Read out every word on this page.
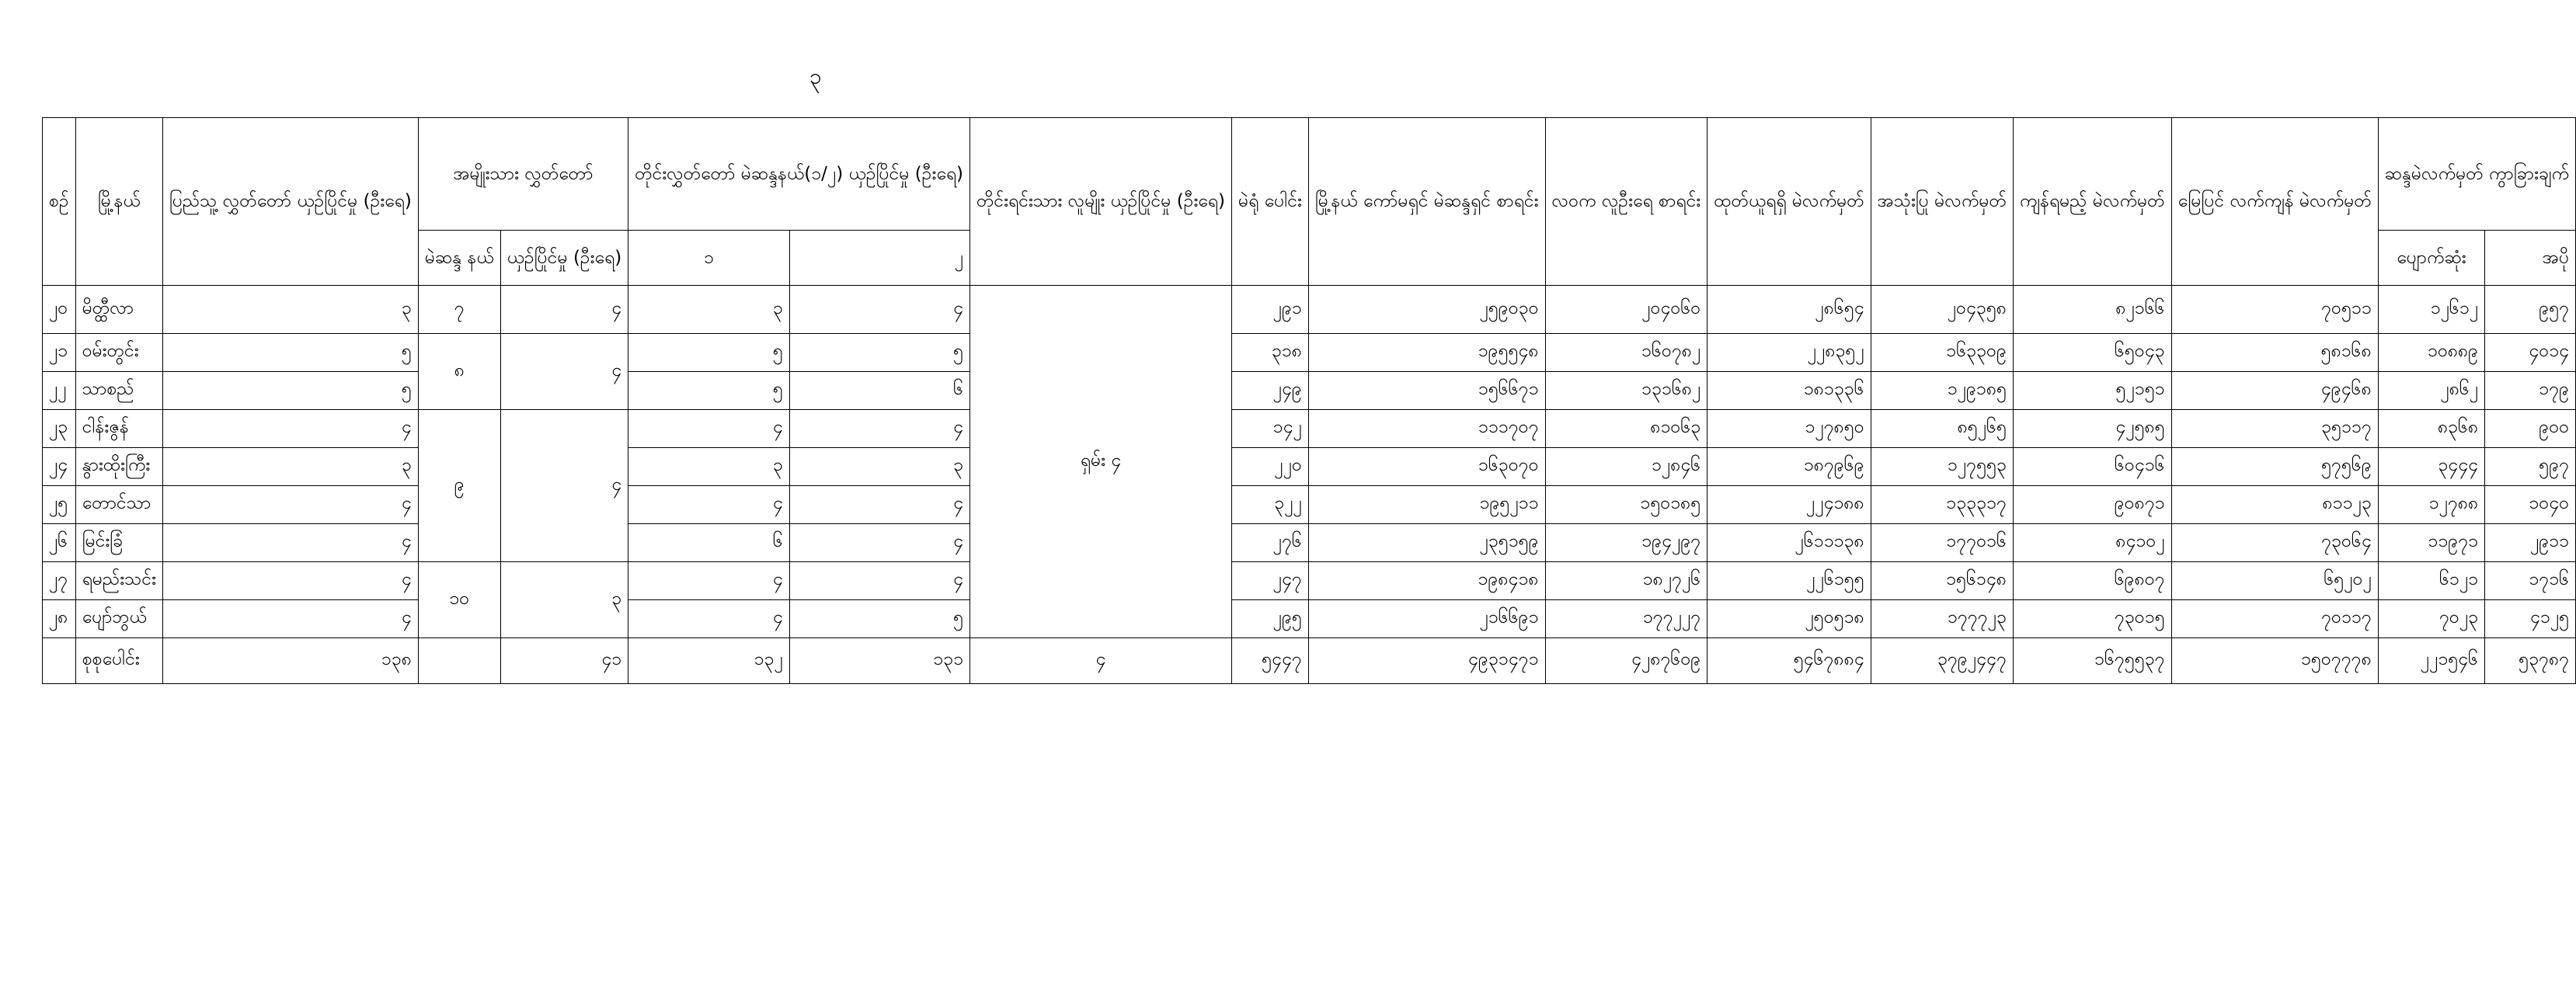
၃
စဉ်	မြို့နယ်	ပြည်သူ့ လွှတ်တော် ယှဉ်ပြိုင်မှု (ဦးရေ)	အမျိုးသား လွှတ်တော်		တိုင်းလွှတ်တော် မဲဆန္ဒနယ်(၁/၂) ယှဉ်ပြိုင်မှု (ဦးရေ)		တိုင်းရင်းသား လူမျိုး ယှဉ်ပြိုင်မှု (ဦးရေ)	မဲရုံ ပေါင်း	မြို့နယ် ကော်မရှင် မဲဆန္ဒရှင် စာရင်း	လ၀က လူဦးရေ စာရင်း	ထုတ်ယူရရှိ မဲလက်မှတ်	အသုံးပြု မဲလက်မှတ်	ကျန်ရမည့် မဲလက်မှတ်	မြေပြင် လက်ကျန် မဲလက်မှတ်	ဆန္ဒမဲလက်မှတ် ကွာခြားချက်	
			မဲဆန္ဒ နယ်	ယှဉ်ပြိုင်မှု (ဦးရေ)	၁	၂									ပျောက်ဆုံး	အပို
၂၀	မိတ္ထီလာ	၃	၇	၄	၃	၄	ရှမ်း ၄	၂၉၁	၂၅၉၀၃၀	၂၀၄၀၆၀	၂၈၆၅၄	၂၀၄၃၅၈	၈၂၁၆၆	၇၀၅၁၁	၁၂၆၁၂	၉၅၇
၂၁	ဝမ်းတွင်း	၅	၈	၄	၅	၅		၃၁၈	၁၉၅၅၄၈	၁၆၀၇၈၂	၂၂၈၃၅၂	၁၆၃၃၀၉	၆၅၀၄၃	၅၈၁၆၈	၁၀၈၈၉	၄၀၁၄
၂၂	သာစည်	၅			၅	၆		၂၄၉	၁၅၆၆၇၁	၁၃၁၆၈၂	၁၈၁၃၃၆	၁၂၉၁၈၅	၅၂၁၅၁	၄၉၄၆၈	၂၈၆၂	၁၇၉
၂၃	ငါန်းဇွန်	၄	၉	၄	၄	၄		၁၄၂	၁၁၁၇၀၇	၈၁၀၆၃	၁၂၇၈၅၀	၈၅၂၆၅	၄၂၅၈၅	၃၅၁၁၇	၈၃၆၈	၉၀၀
၂၄	နွားထိုးကြီး	၃			၃	၃		၂၂၀	၁၆၃၀၇၀	၁၂၈၄၆	၁၈၇၉၆၉	၁၂၇၅၅၃	၆၀၄၁၆	၅၇၅၆၉	၃၄၄၄	၅၉၇
၂၅	တောင်သာ	၄			၄	၄		၃၂၂	၁၉၅၂၁၁	၁၅၀၁၈၅	၂၂၄၁၈၈	၁၃၃၃၁၇	၉၀၈၇၁	၈၁၁၂၃	၁၂၇၈၈	၁၀၄၀
၂၆	မြင်းခြံ	၄			၆	၄		၂၇၆	၂၃၅၁၅၉	၁၉၄၂၉၇	၂၆၁၁၁၃၈	၁၇၇၀၁၆	၈၄၁၀၂	၇၃၀၆၄	၁၁၉၇၁	၂၉၁၁
၂၇	ရမည်းသင်း	၄	၁၀	၃	၄	၄		၂၄၇	၁၉၈၄၁၈	၁၈၂၇၂၆	၂၂၆၁၅၅	၁၅၆၁၄၈	၆၉၈၀၇	၆၅၂၀၂	၆၁၂၁	၁၇၁၆
၂၈	ပျော်ဘွယ်	၄			၄	၅		၂၉၅	၂၁၆၆၉၁	၁၇၇၂၂၇	၂၅၀၅၁၈	၁၇၇၇၂၃	၇၃၀၁၅	၇၀၁၁၇	၇၀၂၃	၄၁၂၅
	စုစုပေါင်း	၁၃၈		၄၁	၁၃၂	၁၃၁	၄	၅၄၄၇	၄၉၃၁၄၇၁	၄၂၈၇၆၀၉	၅၄၆၇၈၈၄	၃၇၉၂၄၄၇	၁၆၇၅၅၃၇	၁၅၀၇၇၇၈	၂၂၁၅၄၆	၅၃၇၈၇
